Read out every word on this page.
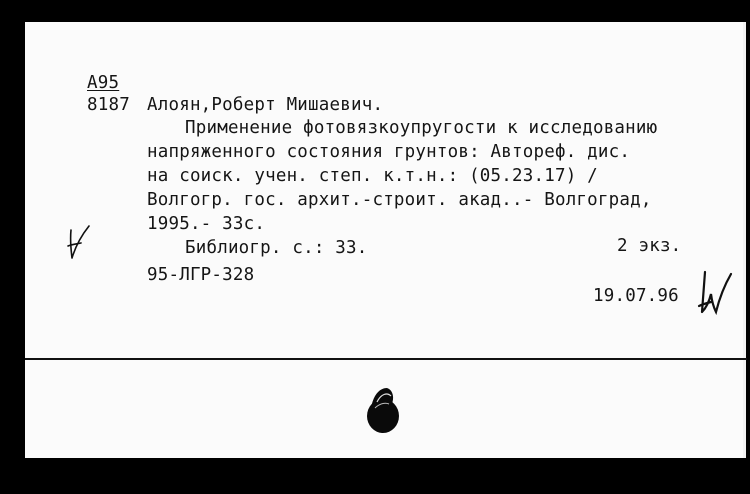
A95
8187 Алоян,Роберт Мишаевич.
Применение фотовязкоупругости к исследованию
напряженного состояния грунтов: Автореф. дис.
на соиск. учен. степ. к.т.н.: (05.23.17) /
Волгогр. гос. архит.-строит. акад..- Волгоград,
1995.- 33с.
Библиогр. с.: 33.	2 экз.
95-ЛГР-328
19.07.96
